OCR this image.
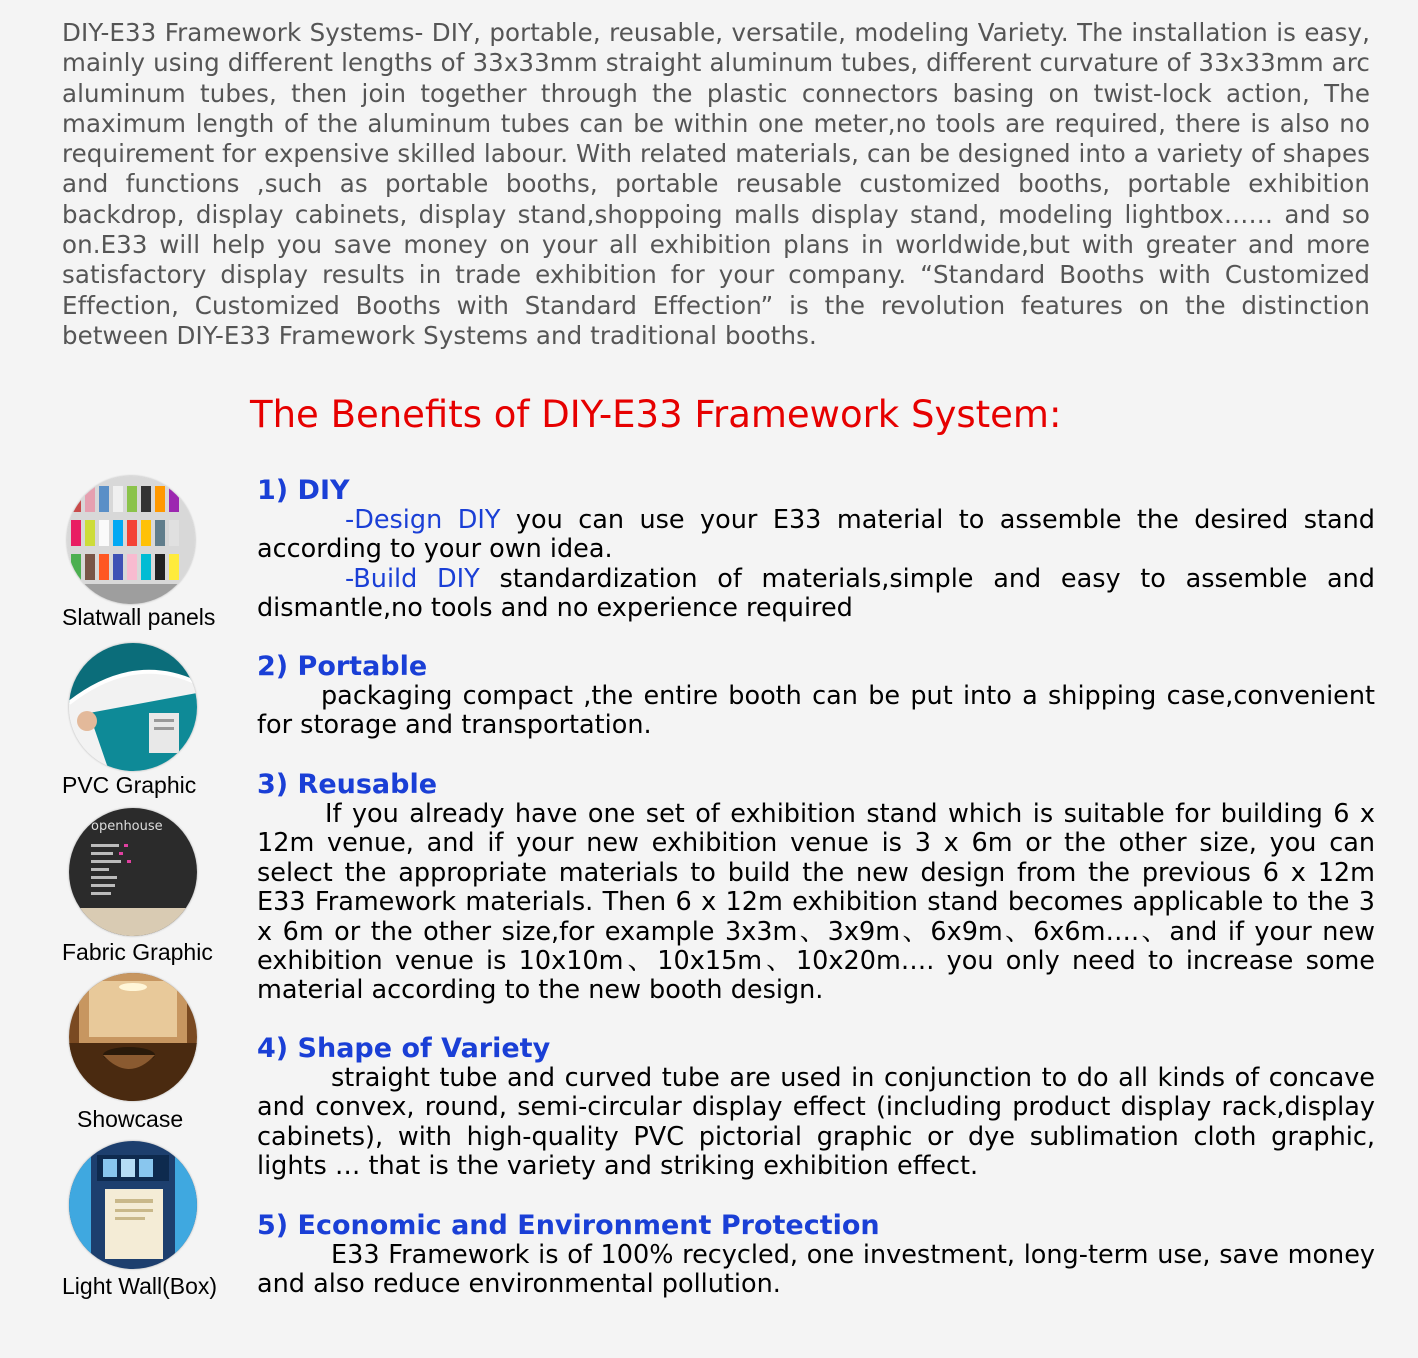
DIY-E33 Framework Systems- DIY, portable, reusable, versatile, modeling Variety. The installation is easy, mainly using different lengths of 33x33mm straight aluminum tubes, different curvature of 33x33mm arc aluminum tubes, then join together through the plastic connectors basing on twist-lock action, The maximum length of the aluminum tubes can be within one meter,no tools are required, there is also no requirement for expensive skilled labour. With related materials, can be designed into a variety of shapes and functions ,such as portable booths, portable reusable customized booths, portable exhibition backdrop, display cabinets, display stand,shoppoing malls display stand, modeling lightbox…… and so on.E33 will help you save money on your all exhibition plans in worldwide,but with greater and more satisfactory display results in trade exhibition for your company. “Standard Booths with Customized Effection, Customized Booths with Standard Effection” is the revolution features on the distinction between DIY-E33 Framework Systems and traditional booths.

The Benefits of DIY-E33 Framework System:
Slatwall panels
PVC Graphic
openhouse
Fabric Graphic
Showcase
Light Wall(Box)
1) DIY

-Design DIY you can use your E33 material to assemble the desired stand according to your own idea.

-Build DIY standardization of materials,simple and easy to assemble and dismantle,no tools and no experience required

2) Portable

packaging compact ,the entire booth can be put into a shipping case,convenient for storage and transportation.

3) Reusable

If you already have one set of exhibition stand which is suitable for building 6 x 12m venue, and if your new exhibition venue is 3 x 6m or the other size, you can select the appropriate materials to build the new design from the previous 6 x 12m E33 Framework materials. Then 6 x 12m exhibition stand becomes applicable to the 3 x 6m or the other size,for example 3x3m、3x9m、6x9m、6x6m….、and if your new exhibition venue is 10x10m、10x15m、10x20m…. you only need to increase some material according to the new booth design.

4) Shape of Variety

straight tube and curved tube are used in conjunction to do all kinds of concave and convex, round, semi-circular display effect (including product display rack,display cabinets), with high-quality PVC pictorial graphic or dye sublimation cloth graphic, lights … that is the variety and striking exhibition effect.

5) Economic and Environment Protection

E33 Framework is of 100% recycled, one investment, long-term use, save money and also reduce environmental pollution.
